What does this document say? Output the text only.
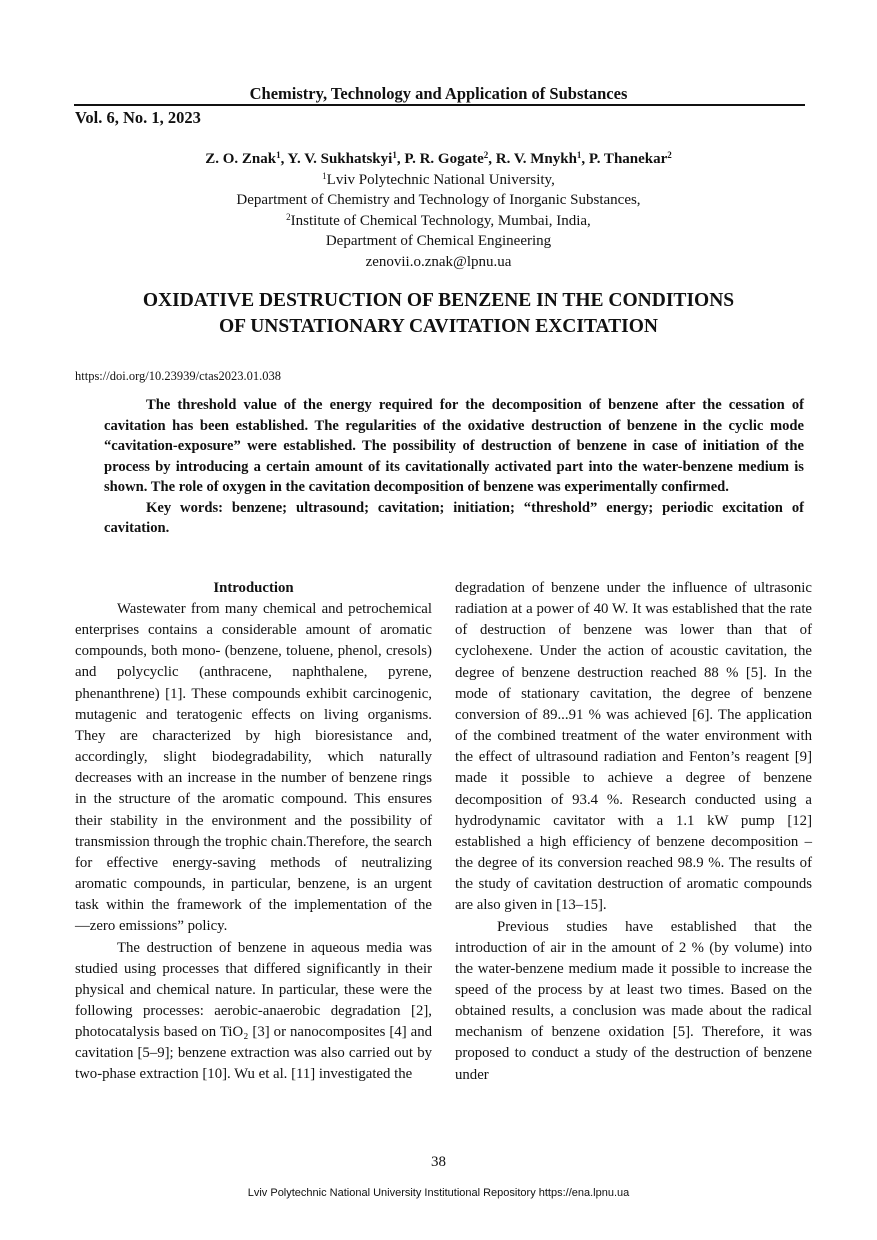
Chemistry, Technology and Application of Substances
Vol. 6, No. 1, 2023
Z. O. Znak$^1$, Y. V. Sukhatskyi$^1$, P. R. Gogate$^2$, R. V. Mnykh$^1$, P. Thanekar$^2$
$^1$Lviv Polytechnic National University,
Department of Chemistry and Technology of Inorganic Substances,
$^2$Institute of Chemical Technology, Mumbai, India,
Department of Chemical Engineering
zenovii.o.znak@lpnu.ua
OXIDATIVE DESTRUCTION OF BENZENE IN THE CONDITIONS
OF UNSTATIONARY CAVITATION EXCITATION
https://doi.org/10.23939/ctas2023.01.038

The threshold value of the energy required for the decomposition of benzene after the cessation of cavitation has been established. The regularities of the oxidative destruction of benzene in the cyclic mode “cavitation-exposure” were established. The possibility of destruction of benzene in case of initiation of the process by introducing a certain amount of its cavitationally activated part into the water-benzene medium is shown. The role of oxygen in the cavitation decomposition of benzene was experimentally confirmed.

Key words: benzene; ultrasound; cavitation; initiation; “threshold” energy; periodic excitation of cavitation.

Introduction

Wastewater from many chemical and petrochemical enterprises contains a considerable amount of aromatic compounds, both mono- (benzene, toluene, phenol, cresols) and polycyclic (anthracene, naphthalene, pyrene, phenanthrene) [1]. These compounds exhibit carcinogenic, mutagenic and teratogenic effects on living organisms. They are characterized by high bioresistance and, accordingly, slight biodegradability, which naturally decreases with an increase in the number of benzene rings in the structure of the aromatic compound. This ensures their stability in the environment and the possibility of transmission through the trophic chain.Therefore, the search for effective energy-saving methods of neutralizing aromatic compounds, in particular, benzene, is an urgent task within the framework of the implementation of the ―zero emissions” policy.

The destruction of benzene in aqueous media was studied using processes that differed significantly in their physical and chemical nature. In particular, these were the following processes: aerobic-anaerobic degradation [2], photocatalysis based on TiO₂ [3] or nanocomposites [4] and cavitation [5–9]; benzene extraction was also carried out by two-phase extraction [10]. Wu et al. [11] investigated the

degradation of benzene under the influence of ultrasonic radiation at a power of 40 W. It was established that the rate of destruction of benzene was lower than that of cyclohexene. Under the action of acoustic cavitation, the degree of benzene destruction reached 88 % [5]. In the mode of stationary cavitation, the degree of benzene conversion of 89...91 % was achieved [6]. The application of the combined treatment of the water environment with the effect of ultrasound radiation and Fenton’s reagent [9] made it possible to achieve a degree of benzene decomposition of 93.4 %. Research conducted using a hydrodynamic cavitator with a 1.1 kW pump [12] established a high efficiency of benzene decomposition – the degree of its conversion reached 98.9 %. The results of the study of cavitation destruction of aromatic compounds are also given in [13–15].

Previous studies have established that the introduction of air in the amount of 2 % (by volume) into the water-benzene medium made it possible to increase the speed of the process by at least two times. Based on the obtained results, a conclusion was made about the radical mechanism of benzene oxidation [5]. Therefore, it was proposed to conduct a study of the destruction of benzene under

38
Lviv Polytechnic National University Institutional Repository https://ena.lpnu.ua
